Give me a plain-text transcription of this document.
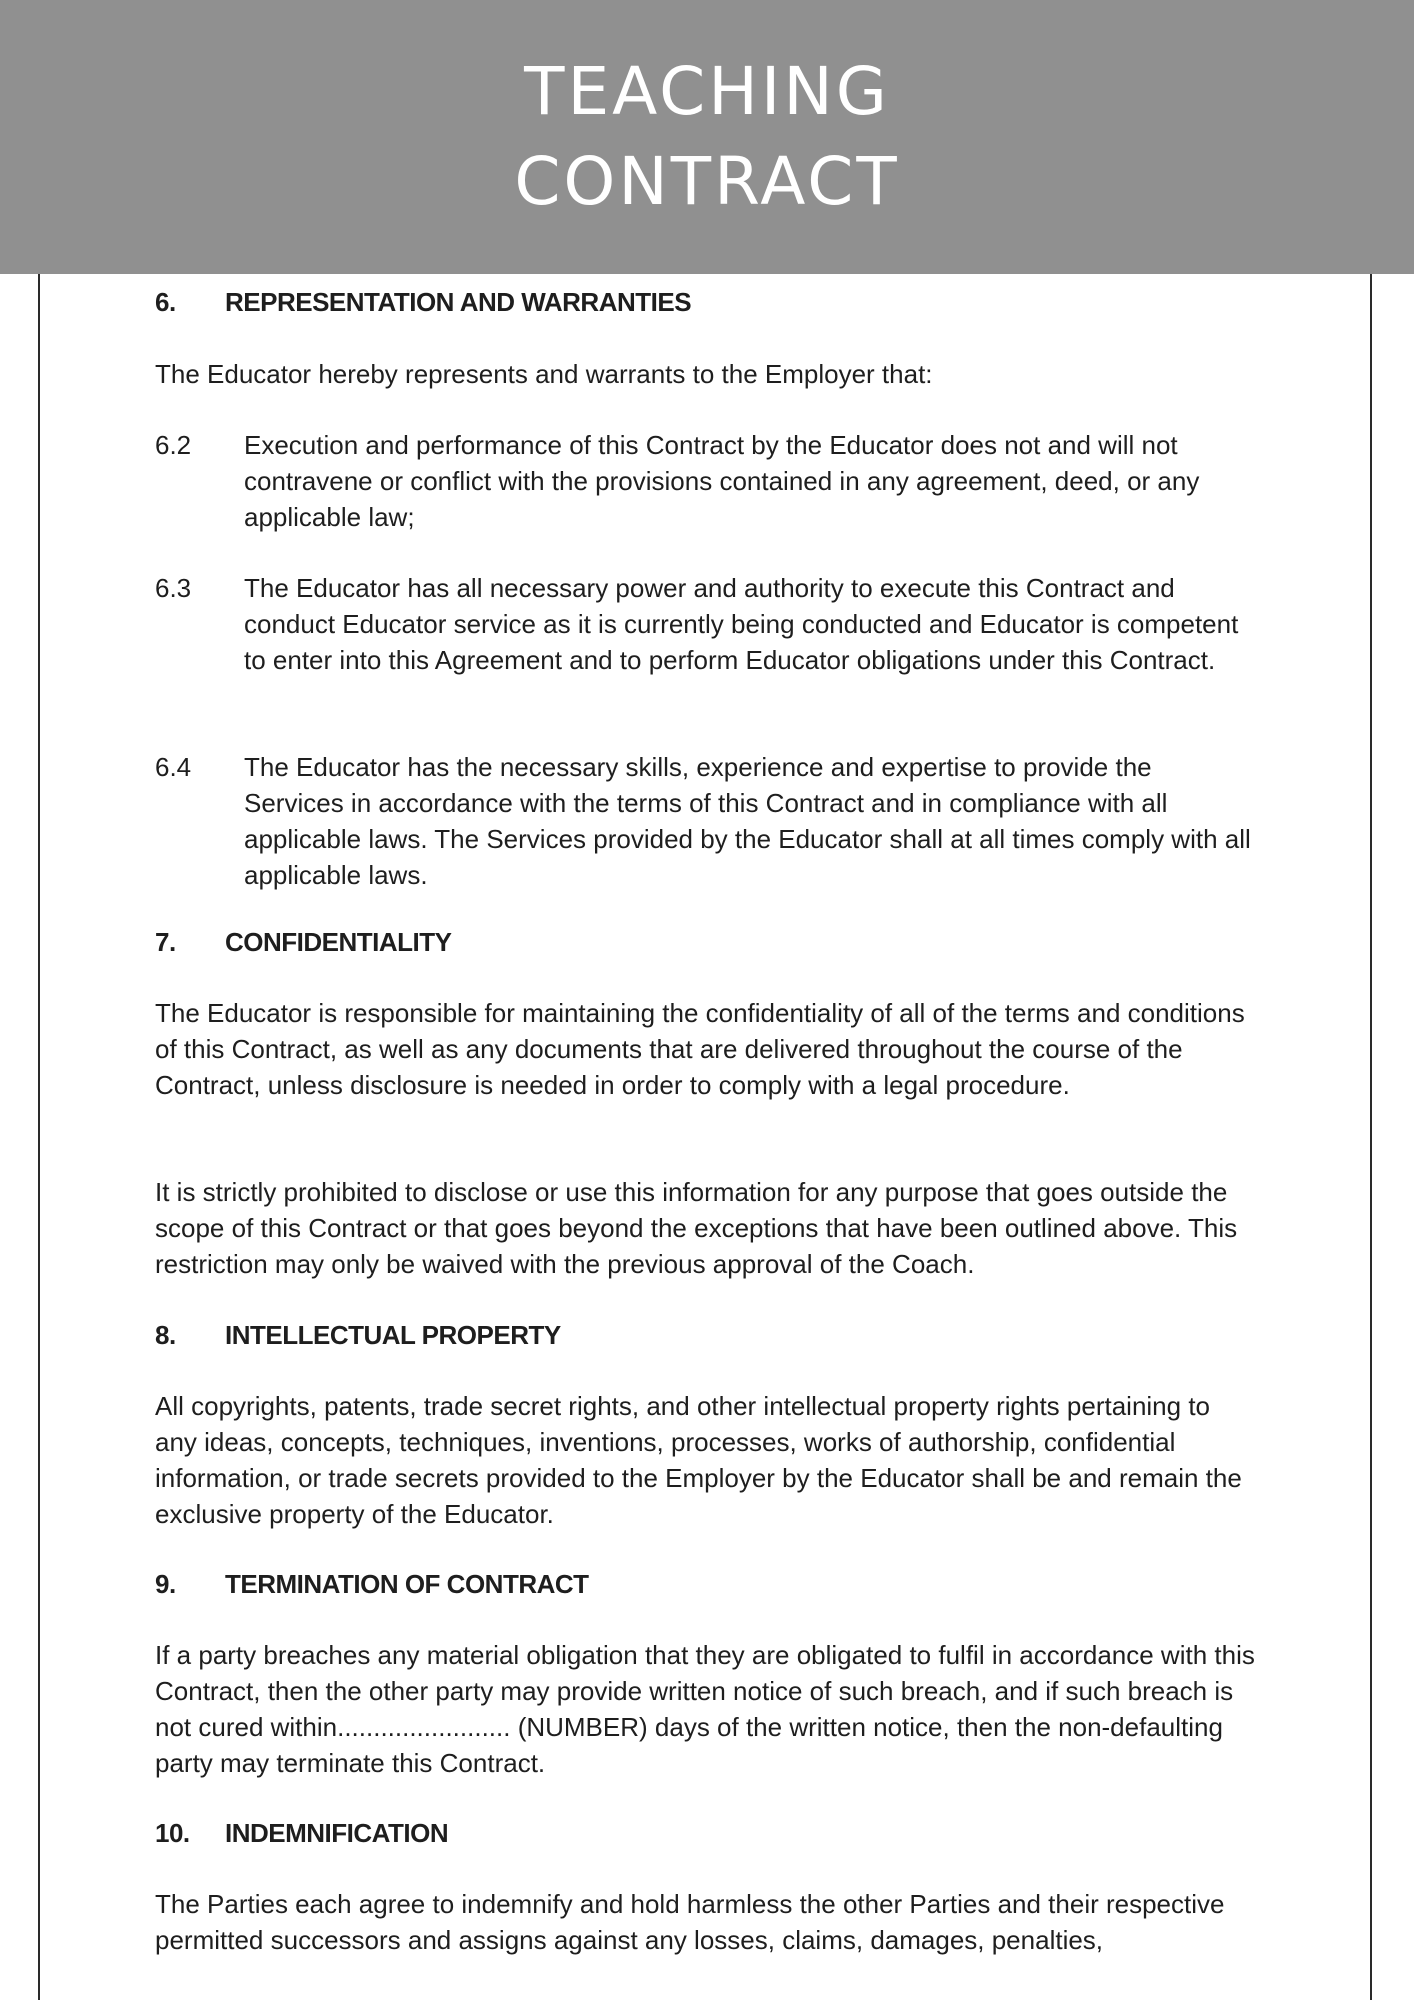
TEACHING
CONTRACT
6.	REPRESENTATION AND WARRANTIES
The Educator hereby represents and warrants to the Employer that:
6.2	Execution and performance of this Contract by the Educator does not and will not contravene or conflict with the provisions contained in any agreement, deed, or any applicable law;
6.3	The Educator has all necessary power and authority to execute this Contract and conduct Educator service as it is currently being conducted and Educator is competent to enter into this Agreement and to perform Educator obligations under this Contract.
6.4	The Educator has the necessary skills, experience and expertise to provide the Services in accordance with the terms of this Contract and in compliance with all applicable laws. The Services provided by the Educator shall at all times comply with all applicable laws.
7.	CONFIDENTIALITY
The Educator is responsible for maintaining the confidentiality of all of the terms and conditions of this Contract, as well as any documents that are delivered throughout the course of the Contract, unless disclosure is needed in order to comply with a legal procedure.
It is strictly prohibited to disclose or use this information for any purpose that goes outside the scope of this Contract or that goes beyond the exceptions that have been outlined above. This restriction may only be waived with the previous approval of the Coach.
8.	INTELLECTUAL PROPERTY
All copyrights, patents, trade secret rights, and other intellectual property rights pertaining to any ideas, concepts, techniques, inventions, processes, works of authorship, confidential information, or trade secrets provided to the Employer by the Educator shall be and remain the exclusive property of the Educator.
9.	TERMINATION OF CONTRACT
If a party breaches any material obligation that they are obligated to fulfil in accordance with this Contract, then the other party may provide written notice of such breach, and if such breach is not cured within........................ (NUMBER) days of the written notice, then the non-defaulting party may terminate this Contract.
10.	INDEMNIFICATION
The Parties each agree to indemnify and hold harmless the other Parties and their respective permitted successors and assigns against any losses, claims, damages, penalties,
